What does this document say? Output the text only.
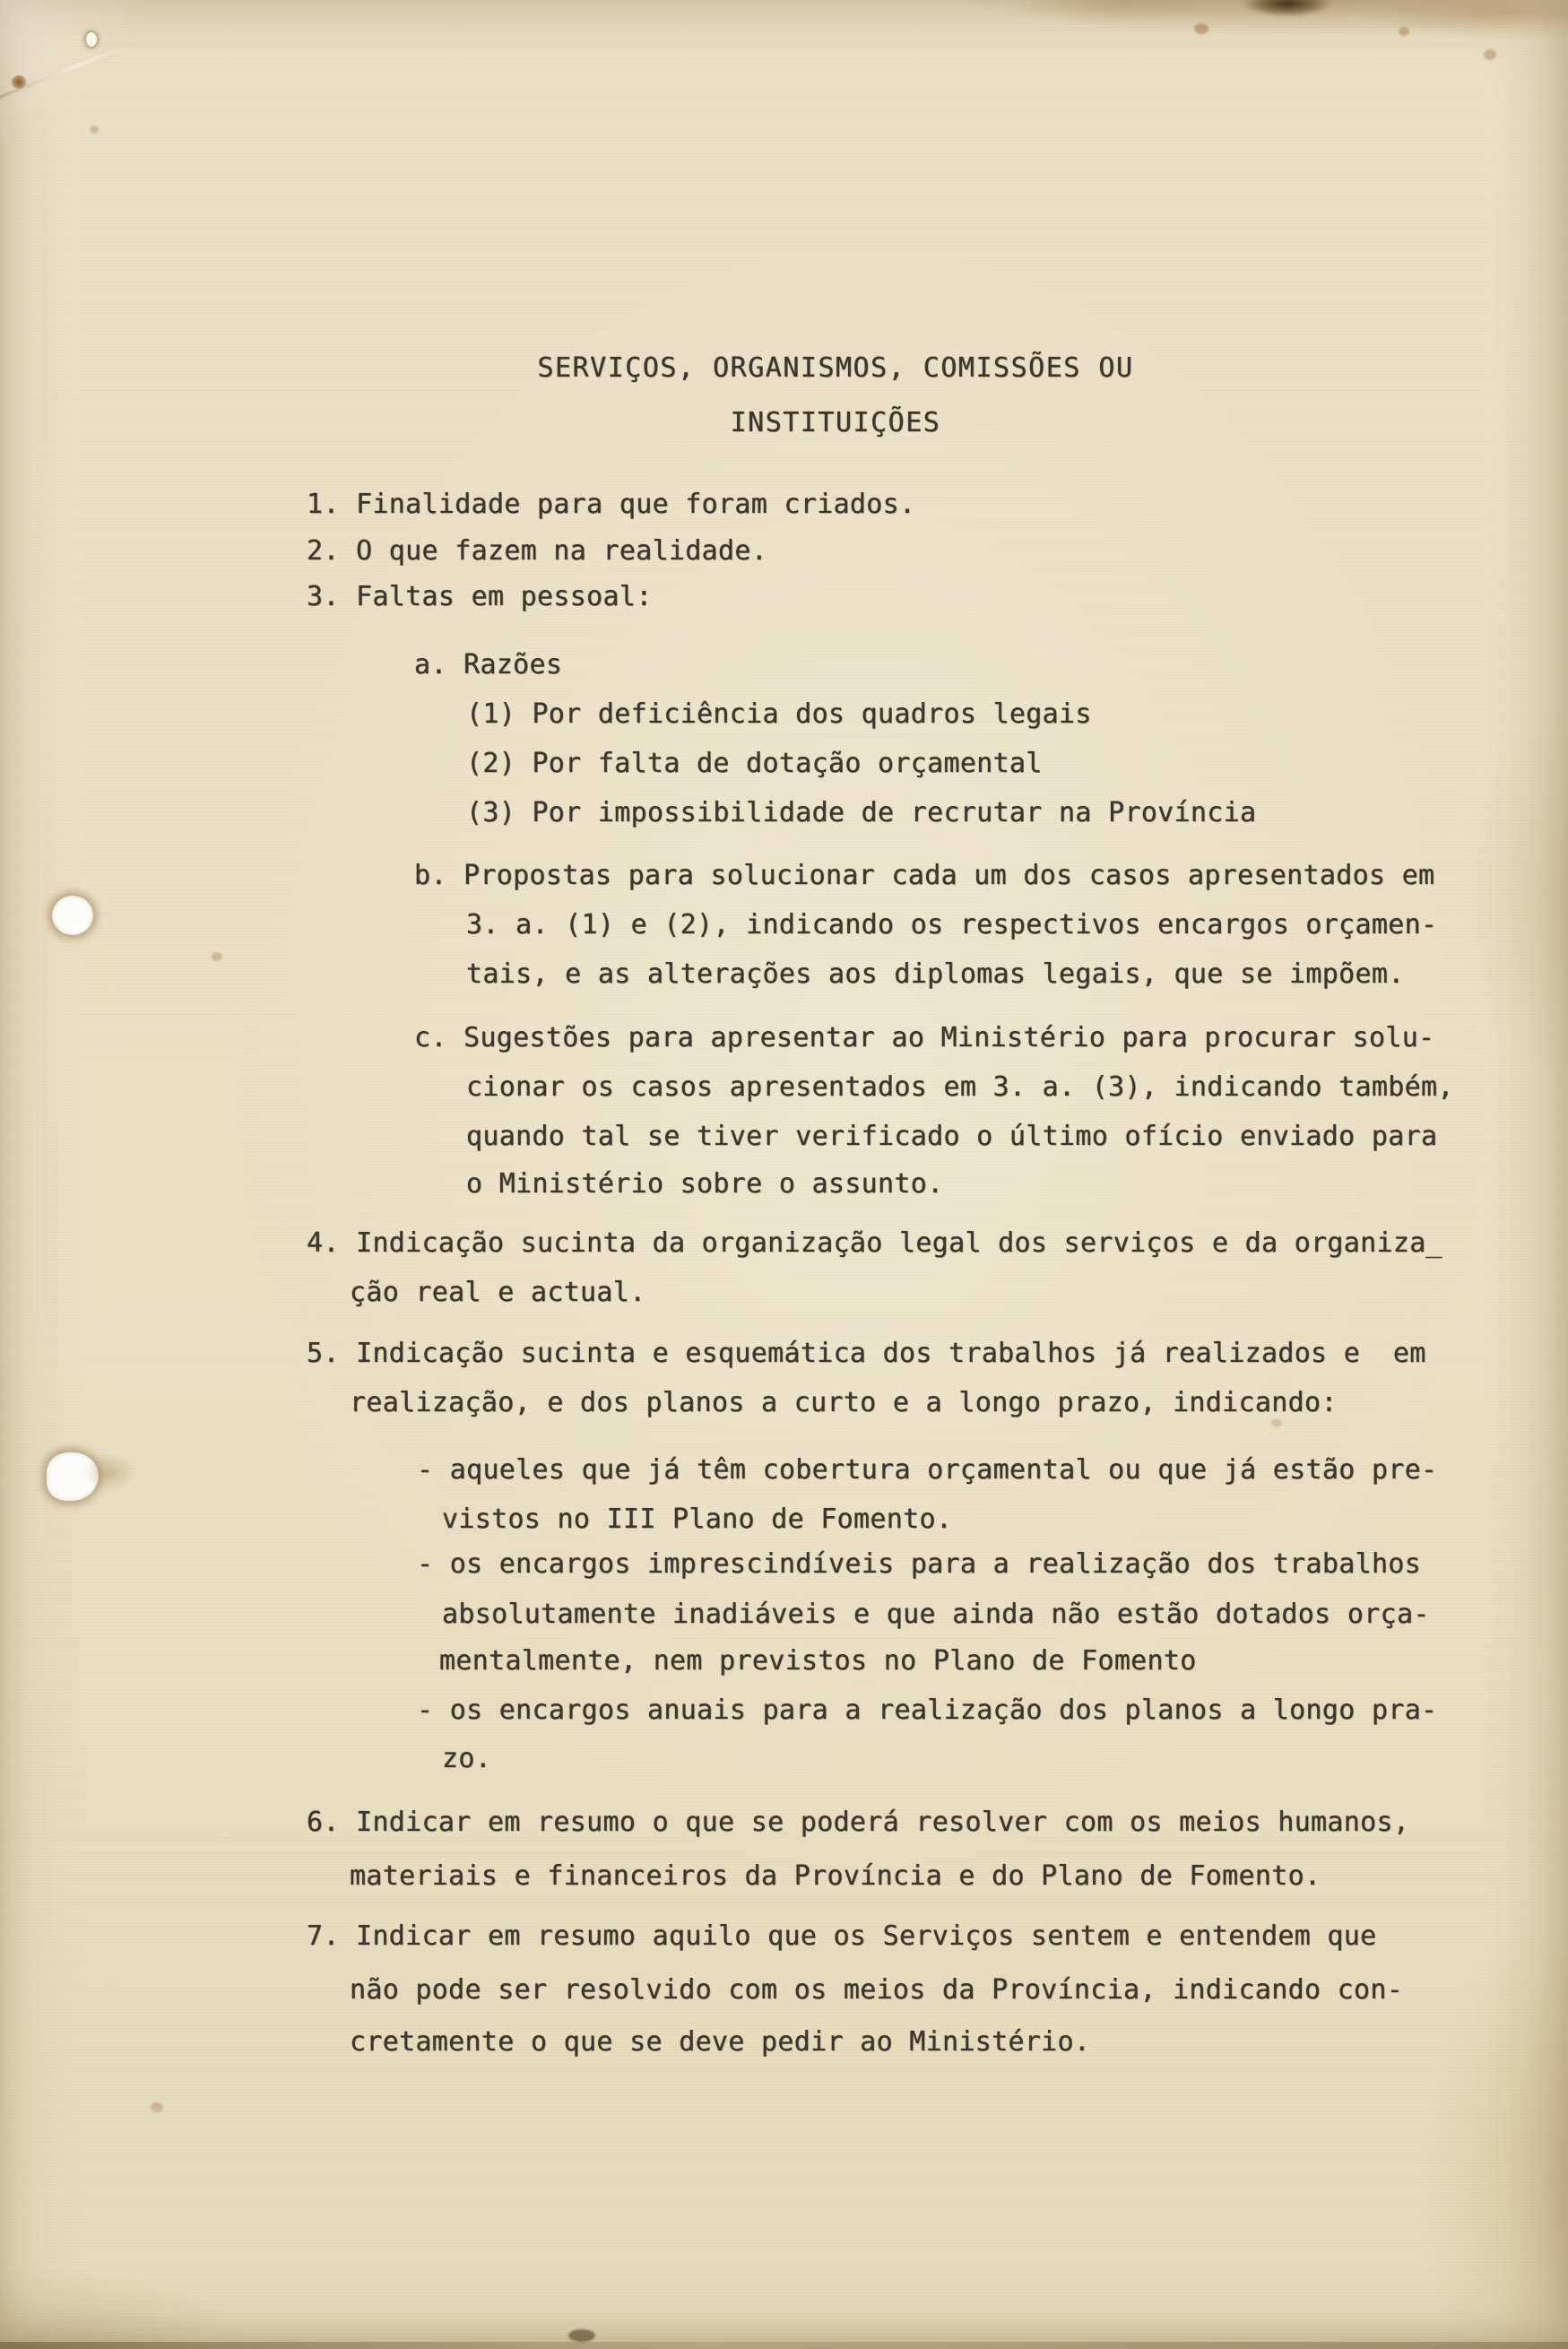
SERVIÇOS, ORGANISMOS, COMISSÕES OU
INSTITUIÇÕES
1. Finalidade para que foram criados.
2. O que fazem na realidade.
3. Faltas em pessoal:
a. Razões
(1) Por deficiência dos quadros legais
(2) Por falta de dotação orçamental
(3) Por impossibilidade de recrutar na Província
b. Propostas para solucionar cada um dos casos apresentados em
3. a. (1) e (2), indicando os respectivos encargos orçamen-
tais, e as alterações aos diplomas legais, que se impõem.
c. Sugestões para apresentar ao Ministério para procurar solu-
cionar os casos apresentados em 3. a. (3), indicando também,
quando tal se tiver verificado o último ofício enviado para
o Ministério sobre o assunto.
4. Indicação sucinta da organização legal dos serviços e da organiza̲
ção real e actual.
5. Indicação sucinta e esquemática dos trabalhos já realizados e  em
realização, e dos planos a curto e a longo prazo, indicando:
- aqueles que já têm cobertura orçamental ou que já estão pre-
vistos no III Plano de Fomento.
- os encargos imprescindíveis para a realização dos trabalhos
absolutamente inadiáveis e que ainda não estão dotados orça-
mentalmente, nem previstos no Plano de Fomento
- os encargos anuais para a realização dos planos a longo pra-
zo.
6. Indicar em resumo o que se poderá resolver com os meios humanos,
materiais e financeiros da Província e do Plano de Fomento.
7. Indicar em resumo aquilo que os Serviços sentem e entendem que
não pode ser resolvido com os meios da Província, indicando con-
cretamente o que se deve pedir ao Ministério.
